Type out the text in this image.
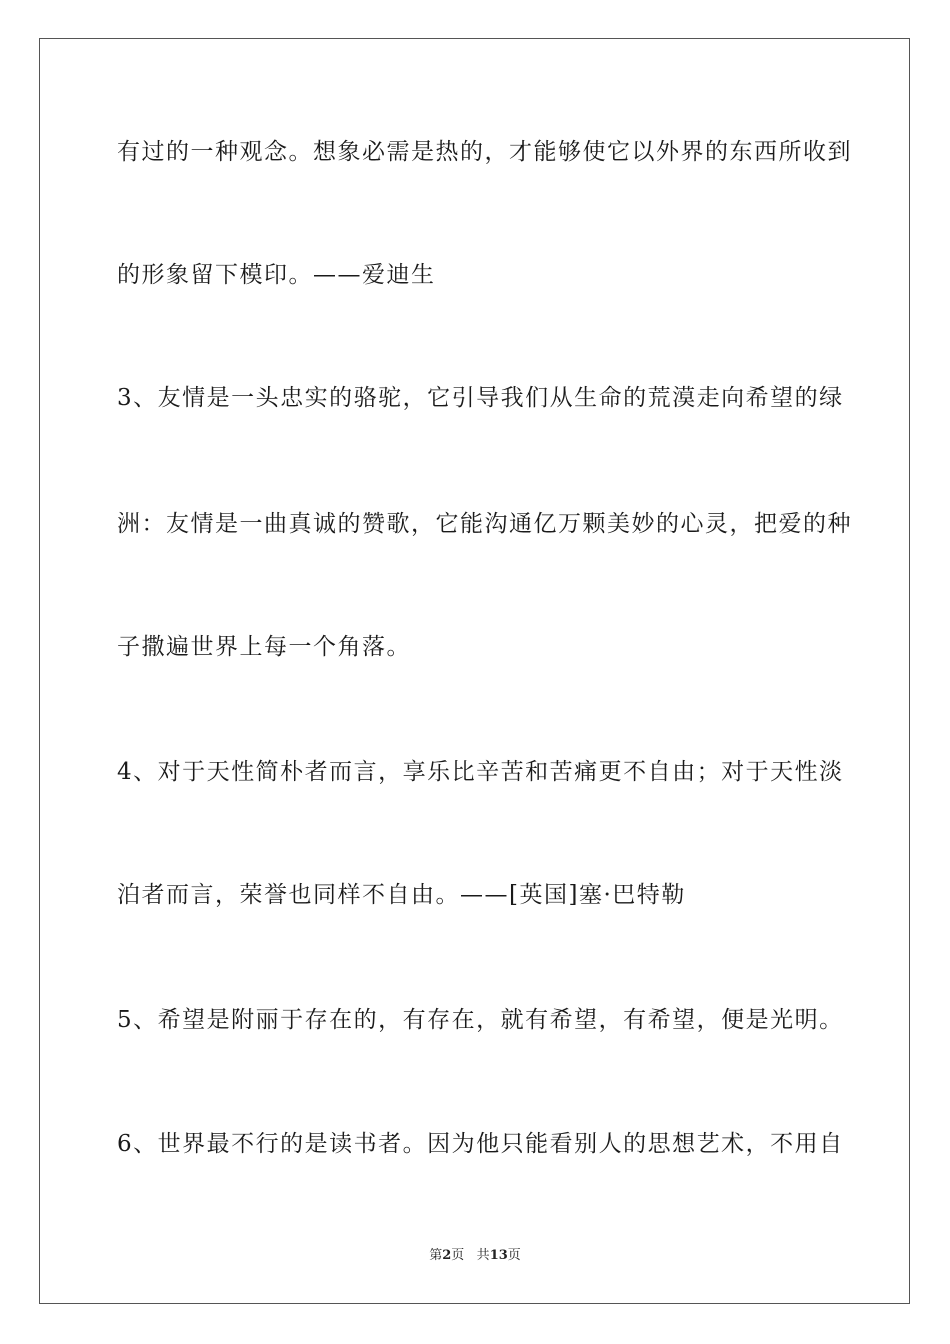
有过的一种观念。想象必需是热的，才能够使它以外界的东西所收到
的形象留下模印。——爱迪生
3、友情是一头忠实的骆驼，它引导我们从生命的荒漠走向希望的绿
洲：友情是一曲真诚的赞歌，它能沟通亿万颗美妙的心灵，把爱的种
子撒遍世界上每一个角落。
4、对于天性简朴者而言，享乐比辛苦和苦痛更不自由；对于天性淡
泊者而言，荣誉也同样不自由。——[英国]塞·巴特勒
5、希望是附丽于存在的，有存在，就有希望，有希望，便是光明。
6、世界最不行的是读书者。因为他只能看别人的思想艺术，不用自
第2页 共13页
